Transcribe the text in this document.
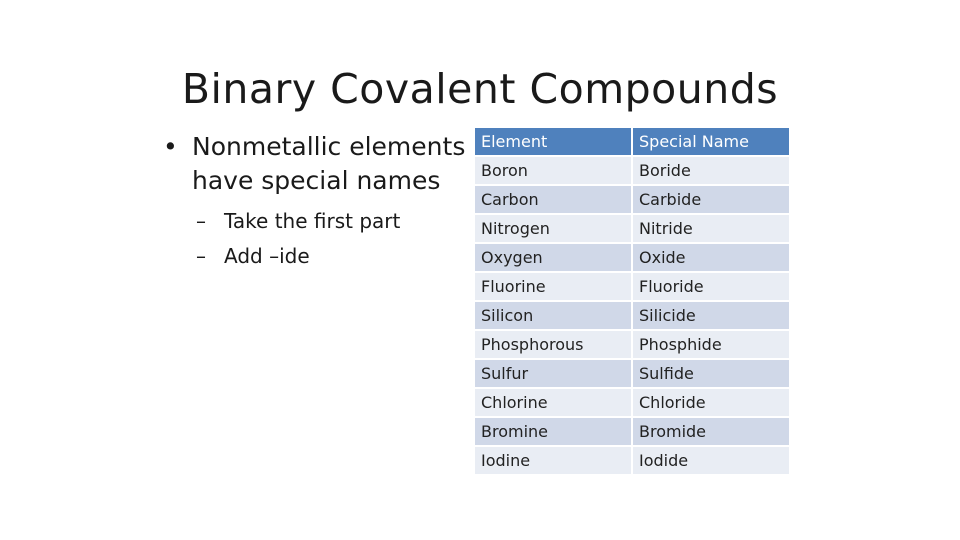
Binary Covalent Compounds
• Nonmetallic elements have special names
– Take the first part
– Add –ide
Element	Special Name
Boron	Boride
Carbon	Carbide
Nitrogen	Nitride
Oxygen	Oxide
Fluorine	Fluoride
Silicon	Silicide
Phosphorous	Phosphide
Sulfur	Sulfide
Chlorine	Chloride
Bromine	Bromide
Iodine	Iodide
